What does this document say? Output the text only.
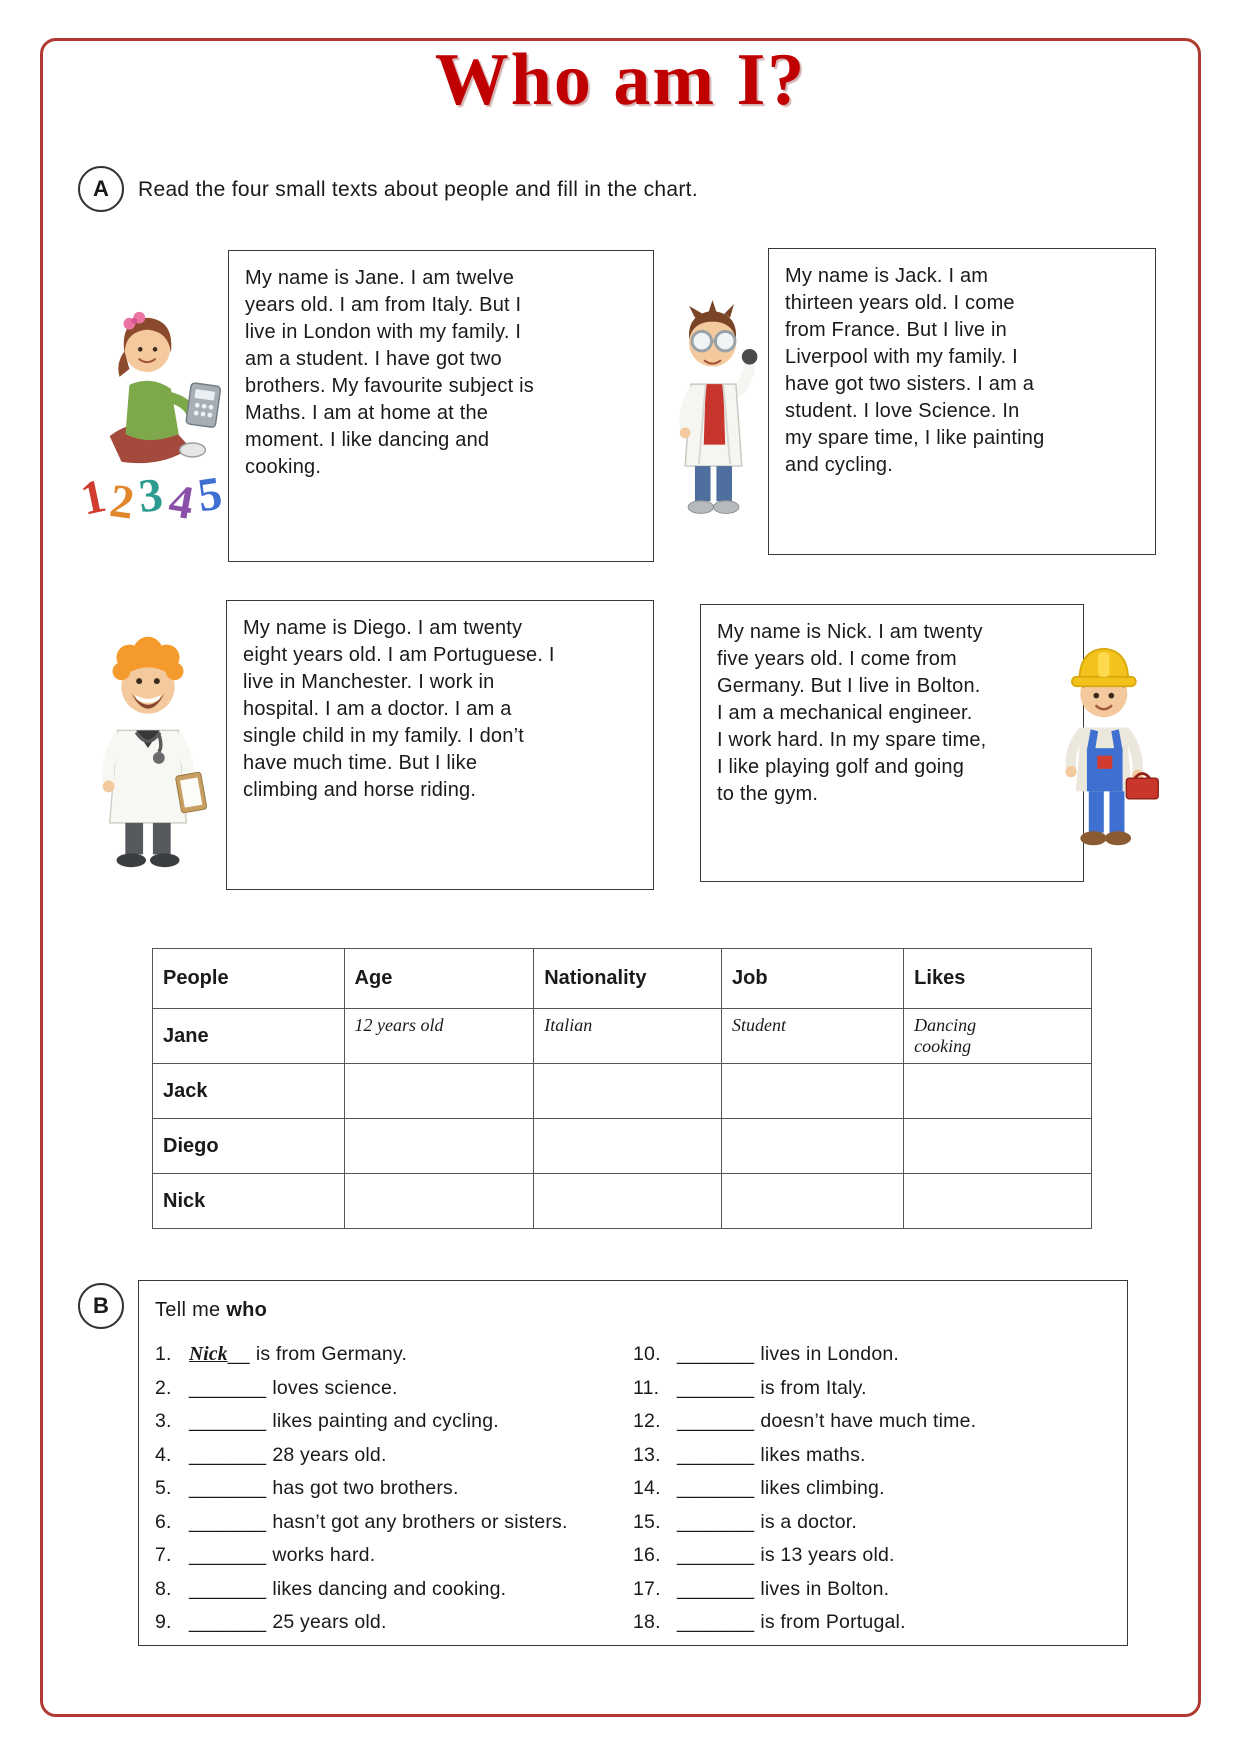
Who am I?
A Read the four small texts about people and fill in the chart.

1
2
3 4
5

My name is Jane. I am twelve
years old. I am from Italy. But I
live in London with my family. I
am a student. I have got two
brothers. My favourite subject is
Maths. I am at home at the
moment. I like dancing and
cooking.

My name is Jack. I am
thirteen years old. I come
from France. But I live in
Liverpool with my family. I
have got two sisters. I am a
student. I love Science. In
my spare time, I like painting
and cycling.

My name is Diego. I am twenty
eight years old. I am Portuguese. I
live in Manchester. I work in
hospital. I am a doctor. I am a
single child in my family. I don’t
have much time. But I like
climbing and horse riding.

My name is Nick. I am twenty
five years old. I come from
Germany. But I live in Bolton.
I am a mechanical engineer.
I work hard. In my spare time,
I like playing golf and going
to the gym.

People	Age	Nationality	Job	Likes
Jane	12 years old	Italian	Student	Dancing
cooking
Jack				
Diego				
Nick				
B Tell me who

1. Nick__ is from Germany.
2. _______ loves science.
3. _______ likes painting and cycling.
4. _______ 28 years old.
5. _______ has got two brothers.
6. _______ hasn’t got any brothers or sisters.
7. _______ works hard.
8. _______ likes dancing and cooking.
9. _______ 25 years old.
10. _______ lives in London.
11. _______ is from Italy.
12. _______ doesn’t have much time.
13. _______ likes maths.
14. _______ likes climbing.
15. _______ is a doctor.
16. _______ is 13 years old.
17. _______ lives in Bolton.
18. _______ is from Portugal.
